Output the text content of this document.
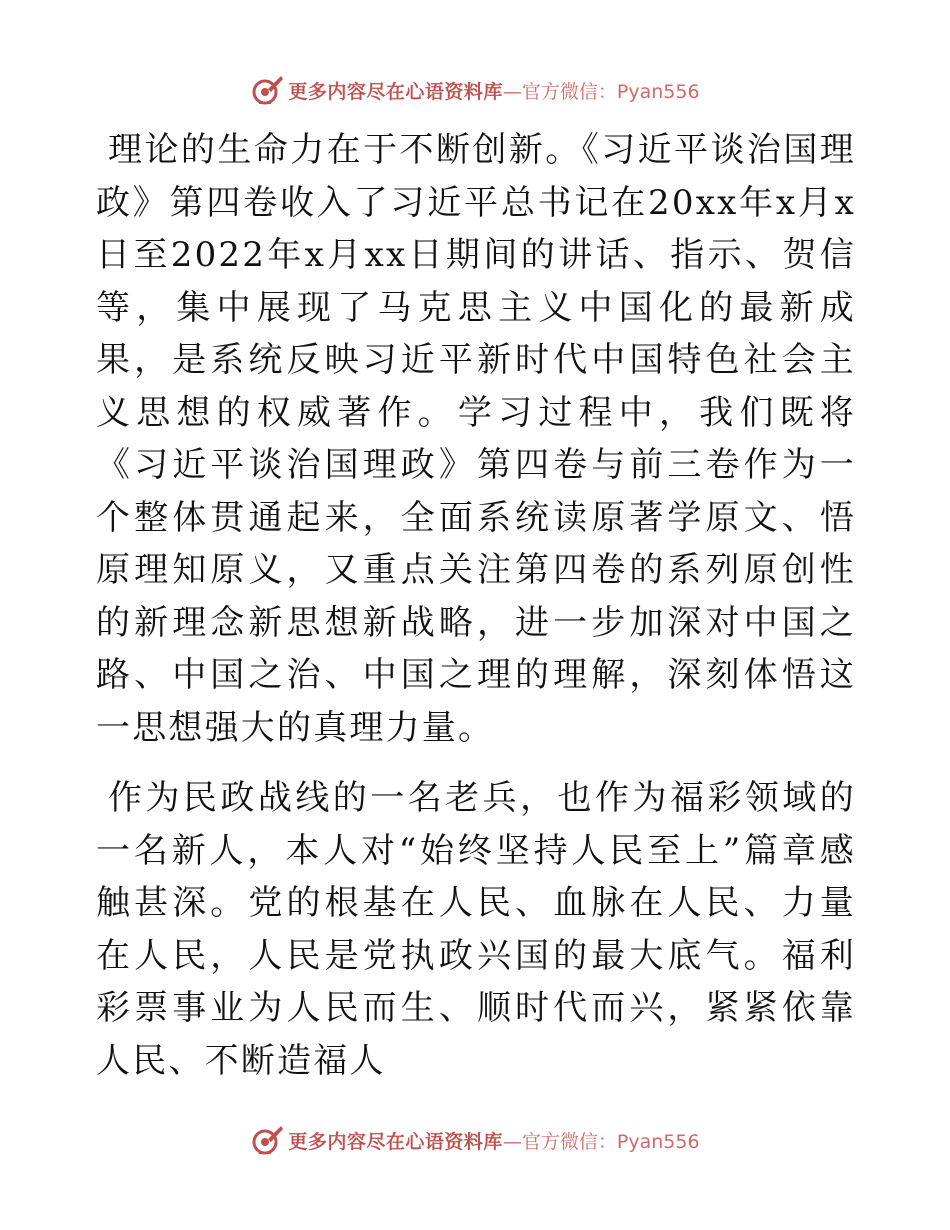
更多内容尽在心语资料库 —官方微信：Pyan556

理论的生命力在于不断创新。《习近平谈治国理政》第四卷收入了习近平总书记在20xx年x月x日至2022年x月xx日期间的讲话、指示、贺信等，集中展现了马克思主义中国化的最新成果，是系统反映习近平新时代中国特色社会主义思想的权威著作。学习过程中，我们既将《习近平谈治国理政》第四卷与前三卷作为一个整体贯通起来，全面系统读原著学原文、悟原理知原义，又重点关注第四卷的系列原创性的新理念新思想新战略，进一步加深对中国之路、中国之治、中国之理的理解，深刻体悟这一思想强大的真理力量。

作为民政战线的一名老兵，也作为福彩领域的一名新人，本人对“始终坚持人民至上”篇章感触甚深。党的根基在人民、血脉在人民、力量在人民，人民是党执政兴国的最大底气。福利彩票事业为人民而生、顺时代而兴，紧紧依靠人民、不断造福人

更多内容尽在心语资料库 —官方微信：Pyan556
